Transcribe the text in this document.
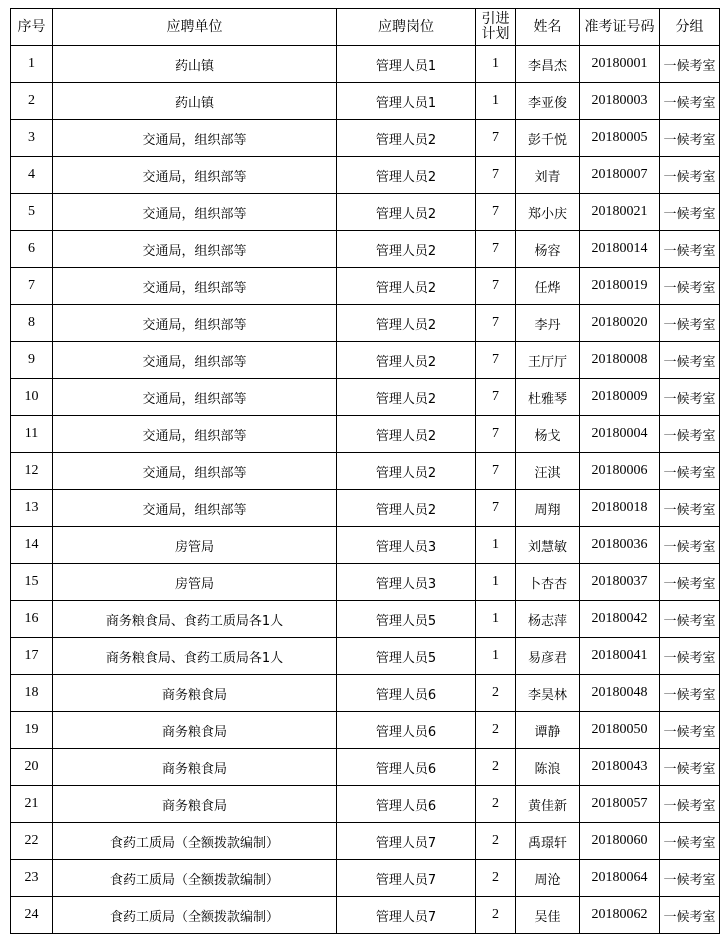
序号	应聘单位	应聘岗位	引进计划	姓名	准考证号码	分组
1	药山镇	管理人员1	1	李昌杰	20180001	一候考室
2	药山镇	管理人员1	1	李亚俊	20180003	一候考室
3	交通局，组织部等	管理人员2	7	彭千悦	20180005	一候考室
4	交通局，组织部等	管理人员2	7	刘青	20180007	一候考室
5	交通局，组织部等	管理人员2	7	郑小庆	20180021	一候考室
6	交通局，组织部等	管理人员2	7	杨容	20180014	一候考室
7	交通局，组织部等	管理人员2	7	任烨	20180019	一候考室
8	交通局，组织部等	管理人员2	7	李丹	20180020	一候考室
9	交通局，组织部等	管理人员2	7	王厅厅	20180008	一候考室
10	交通局，组织部等	管理人员2	7	杜雅琴	20180009	一候考室
11	交通局，组织部等	管理人员2	7	杨戈	20180004	一候考室
12	交通局，组织部等	管理人员2	7	汪淇	20180006	一候考室
13	交通局，组织部等	管理人员2	7	周翔	20180018	一候考室
14	房管局	管理人员3	1	刘慧敏	20180036	一候考室
15	房管局	管理人员3	1	卜杏杏	20180037	一候考室
16	商务粮食局、食药工质局各1人	管理人员5	1	杨志萍	20180042	一候考室
17	商务粮食局、食药工质局各1人	管理人员5	1	易彦君	20180041	一候考室
18	商务粮食局	管理人员6	2	李昊林	20180048	一候考室
19	商务粮食局	管理人员6	2	谭静	20180050	一候考室
20	商务粮食局	管理人员6	2	陈浪	20180043	一候考室
21	商务粮食局	管理人员6	2	黄佳新	20180057	一候考室
22	食药工质局（全额拨款编制）	管理人员7	2	禹璟轩	20180060	一候考室
23	食药工质局（全额拨款编制）	管理人员7	2	周沧	20180064	一候考室
24	食药工质局（全额拨款编制）	管理人员7	2	吴佳	20180062	一候考室
